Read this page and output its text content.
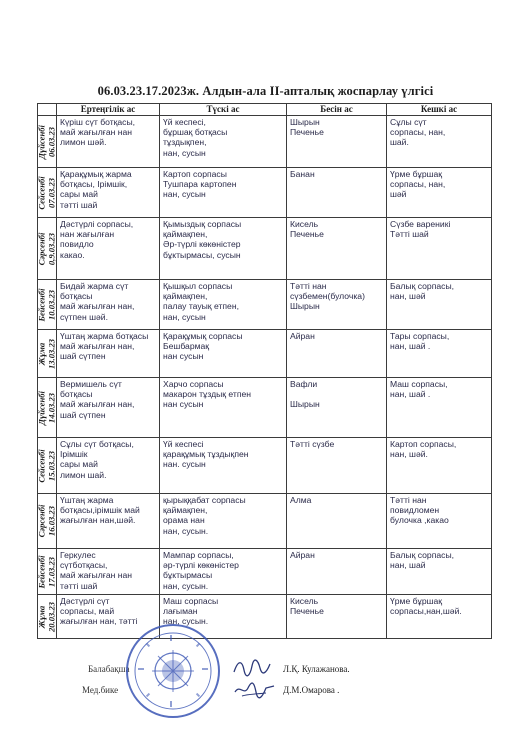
06.03.23.17.2023ж. Алдын-ала II-апталық жоспарлау үлгісі
	Ертеңгілік ас	Түскі ас	Бесін ас	Кешкі ас

Дүйсенбі
06.03.23	Күріш сүт ботқасы,
май жағылған нан
лимон шәй.	Үй кеспесі,
бұршақ ботқасы
тұздықпен,
нан, сусын	Шырын
Печенье	Сұлы сүт
сорпасы, нан,
шай.

Сейсенбі
07.03.23	Қарақұмық жарма
ботқасы, Ірімшік,
сары май
тәтті шай	Картоп сорпасы
Тушпара картопен
нан, сусын	Банан	Үрме бұршақ
сорпасы, нан,
шәй

Сәрсенбі
0,9.03.23	Дәстүрлі сорпасы,
нан жағылған
повидло
какао.	Қымыздық сорпасы
қаймақпен,
Әр-түрлі көкөністер
бұктырмасы, сусын	Кисель
Печенье	Сүзбе вареникі
Тәтті шай

Бейсенбі
10.03.23	Бидай жарма сүт
ботқасы
май жағылған нан,
сүтпен шәй.	Қышқыл сорпасы
қаймақпен,
палау тауық етпен,
нан, сусын	Тәтті нан
сүзбемен(булочка)
Шырын	Балық сорпасы,
нан, шәй

Жұма
13.03.23	Үштаң жарма ботқасы
май жағылған нан,
шай сүтпен	Қарақұмық сорпасы
Бешбармақ
нан сусын	Айран	Тары сорпасы,
нан, шай .

Дүйсенбі
14.03.23	Вермишель сүт
ботқасы
май жағылған нан,
шай сүтпен	Харчо сорпасы
макарон тұздық етпен
нан сусын	Вафли

Шырын	Маш сорпасы,
нан, шай .

Сейсенбі
15.03.23	Сұлы сүт ботқасы,
Ірімшік
сары май
лимон шай.	Үй кеспесі
қарақұмық тұздықпен
нан. сусын	Тәтті сүзбе	Картоп сорпасы,
нан, шәй.

Сәрсенбі
16.03.23	Үштаң жарма
ботқасы,ірімшік май
жағылған нан,шәй.	қырыққабат сорпасы
қаймақпен,
орама нан
нан, сусын.	Алма	Тәтті нан
повидломен
булочка ,какао

Бейсенбі
17.03.23	Геркулес
сүтботқасы,
май жағылған нан
тәтті шай	Мампар сорпасы,
әр-түрлі көкөністер
бұктырмасы
нан, сусын.	Айран	Балық сорпасы,
нан, шай

Жұма
20.03.23	Дәстүрлі сүт
сорпасы, май
жағылған нан, тәтті	Маш сорпасы
лағыман
нан, сусын.	Кисель
Печенье	Үрме бұршақ
сорпасы,нан,шәй.
Балабақша	Л.Қ. Кулажанова.
Мед.бике	Д.М.Омарова .
